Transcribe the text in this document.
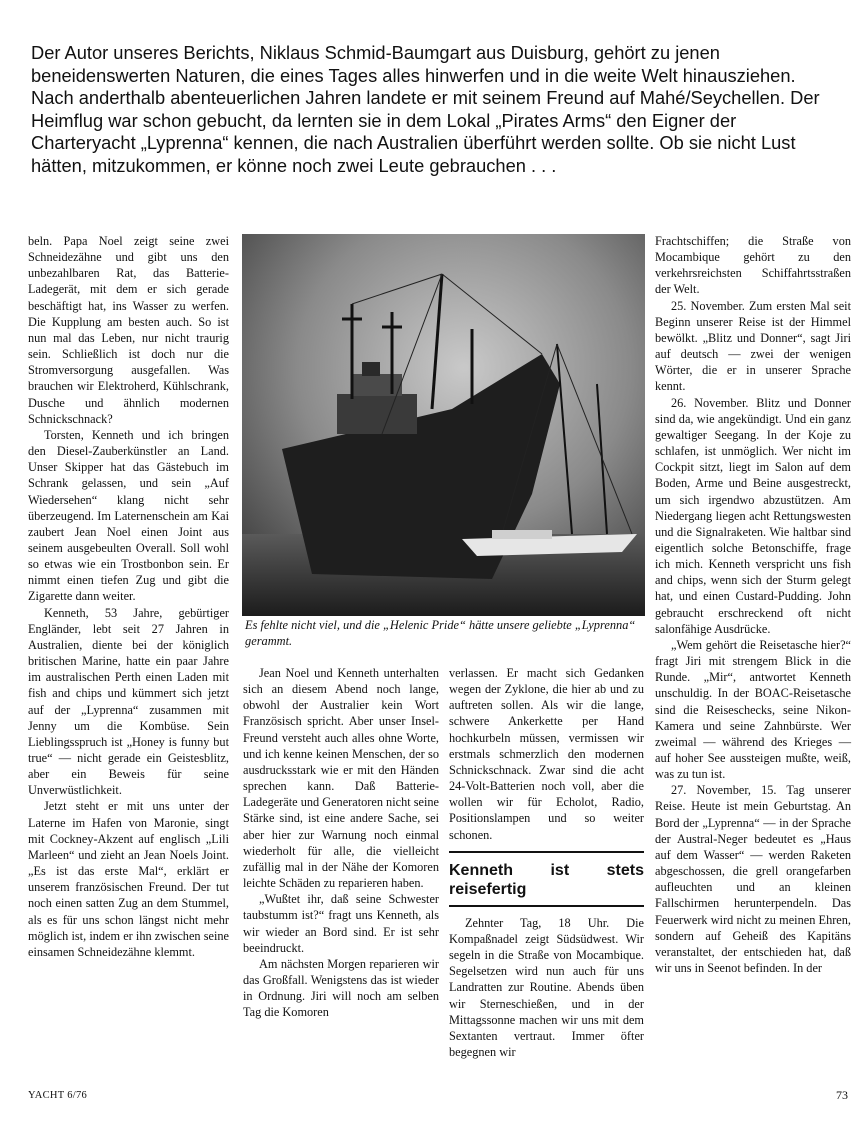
Der Autor unseres Berichts, Niklaus Schmid-Baumgart aus Duisburg, gehört zu jenen beneidenswerten Naturen, die eines Tages alles hinwerfen und in die weite Welt hinausziehen. Nach anderthalb abenteuerlichen Jahren landete er mit seinem Freund auf Mahé/Seychellen. Der Heimflug war schon gebucht, da lernten sie in dem Lokal „Pirates Arms“ den Eigner der Charteryacht „Lyprenna“ kennen, die nach Australien überführt werden sollte. Ob sie nicht Lust hätten, mitzukommen, er könne noch zwei Leute gebrauchen . . .

beln. Papa Noel zeigt seine zwei Schneidezähne und gibt uns den unbezahlbaren Rat, das Batterie-Ladegerät, mit dem er sich gerade beschäftigt hat, ins Wasser zu werfen. Die Kupplung am besten auch. So ist nun mal das Leben, nur nicht traurig sein. Schließlich ist doch nur die Stromversorgung ausgefallen. Was brauchen wir Elektroherd, Kühlschrank, Dusche und ähnlich modernen Schnickschnack?

Torsten, Kenneth und ich bringen den Diesel-Zauberkünstler an Land. Unser Skipper hat das Gästebuch im Schrank gelassen, und sein „Auf Wiedersehen“ klang nicht sehr überzeugend. Im Laternenschein am Kai zaubert Jean Noel einen Joint aus seinem ausgebeulten Overall. Soll wohl so etwas wie ein Trostbonbon sein. Er nimmt einen tiefen Zug und gibt die Zigarette dann weiter.

Kenneth, 53 Jahre, gebürtiger Engländer, lebt seit 27 Jahren in Australien, diente bei der königlich britischen Marine, hatte ein paar Jahre im australischen Perth einen Laden mit fish and chips und kümmert sich jetzt auf der „Lyprenna“ zusammen mit Jenny um die Kombüse. Sein Lieblingsspruch ist „Honey is funny but true“ — nicht gerade ein Geistesblitz, aber ein Beweis für seine Unverwüstlichkeit.

Jetzt steht er mit uns unter der Laterne im Hafen von Maronie, singt mit Cockney-Akzent auf englisch „Lili Marleen“ und zieht an Jean Noels Joint. „Es ist das erste Mal“, erklärt er unserem französischen Freund. Der tut noch einen satten Zug an dem Stummel, als es für uns schon längst nicht mehr möglich ist, indem er ihn zwischen seine einsamen Schneidezähne klemmt.

Es fehlte nicht viel, und die „Helenic Pride“ hätte unsere geliebte „Lyprenna“ gerammt.

Jean Noel und Kenneth unterhalten sich an diesem Abend noch lange, obwohl der Australier kein Wort Französisch spricht. Aber unser Insel-Freund versteht auch alles ohne Worte, und ich kenne keinen Menschen, der so ausdrucksstark wie er mit den Händen sprechen kann. Daß Batterie-Ladegeräte und Generatoren nicht seine Stärke sind, ist eine andere Sache, sei aber hier zur Warnung noch einmal wiederholt für alle, die vielleicht zufällig mal in der Nähe der Komoren leichte Schäden zu reparieren haben.

„Wußtet ihr, daß seine Schwester taubstumm ist?“ fragt uns Kenneth, als wir wieder an Bord sind. Er ist sehr beeindruckt.

Am nächsten Morgen reparieren wir das Großfall. Wenigstens das ist wieder in Ordnung. Jiri will noch am selben Tag die Komoren

verlassen. Er macht sich Gedanken wegen der Zyklone, die hier ab und zu auftreten sollen. Als wir die lange, schwere Ankerkette per Hand hochkurbeln müssen, vermissen wir erstmals schmerzlich den modernen Schnickschnack. Zwar sind die acht 24-Volt-Batterien noch voll, aber die wollen wir für Echolot, Radio, Positionslampen und so weiter schonen.

Kenneth ist stets reisefertig

Zehnter Tag, 18 Uhr. Die Kompaßnadel zeigt Südsüdwest. Wir segeln in die Straße von Mocambique. Segelsetzen wird nun auch für uns Landratten zur Routine. Abends üben wir Sterneschießen, und in der Mittagssonne machen wir uns mit dem Sextanten vertraut. Immer öfter begegnen wir

Frachtschiffen; die Straße von Mocambique gehört zu den verkehrsreichsten Schiffahrtsstraßen der Welt.

25. November. Zum ersten Mal seit Beginn unserer Reise ist der Himmel bewölkt. „Blitz und Donner“, sagt Jiri auf deutsch — zwei der wenigen Wörter, die er in unserer Sprache kennt.

26. November. Blitz und Donner sind da, wie angekündigt. Und ein ganz gewaltiger Seegang. In der Koje zu schlafen, ist unmöglich. Wer nicht im Cockpit sitzt, liegt im Salon auf dem Boden, Arme und Beine ausgestreckt, um sich irgendwo abzustützen. Am Niedergang liegen acht Rettungswesten und die Signalraketen. Wie haltbar sind eigentlich solche Betonschiffe, frage ich mich. Kenneth verspricht uns fish and chips, wenn sich der Sturm gelegt hat, und einen Custard-Pudding. John gebraucht erschreckend oft nicht salonfähige Ausdrücke.

„Wem gehört die Reisetasche hier?“ fragt Jiri mit strengem Blick in die Runde. „Mir“, antwortet Kenneth unschuldig. In der BOAC-Reisetasche sind die Reiseschecks, seine Nikon-Kamera und seine Zahnbürste. Wer zweimal — während des Krieges — auf hoher See aussteigen mußte, weiß, was zu tun ist.

27. November, 15. Tag unserer Reise. Heute ist mein Geburtstag. An Bord der „Lyprenna“ — in der Sprache der Austral-Neger bedeutet es „Haus auf dem Wasser“ — werden Raketen abgeschossen, die grell orangefarben aufleuchten und an kleinen Fallschirmen herunterpendeln. Das Feuerwerk wird nicht zu meinen Ehren, sondern auf Geheiß des Kapitäns veranstaltet, der entschieden hat, daß wir uns in Seenot befinden. In der

YACHT 6/76	73
